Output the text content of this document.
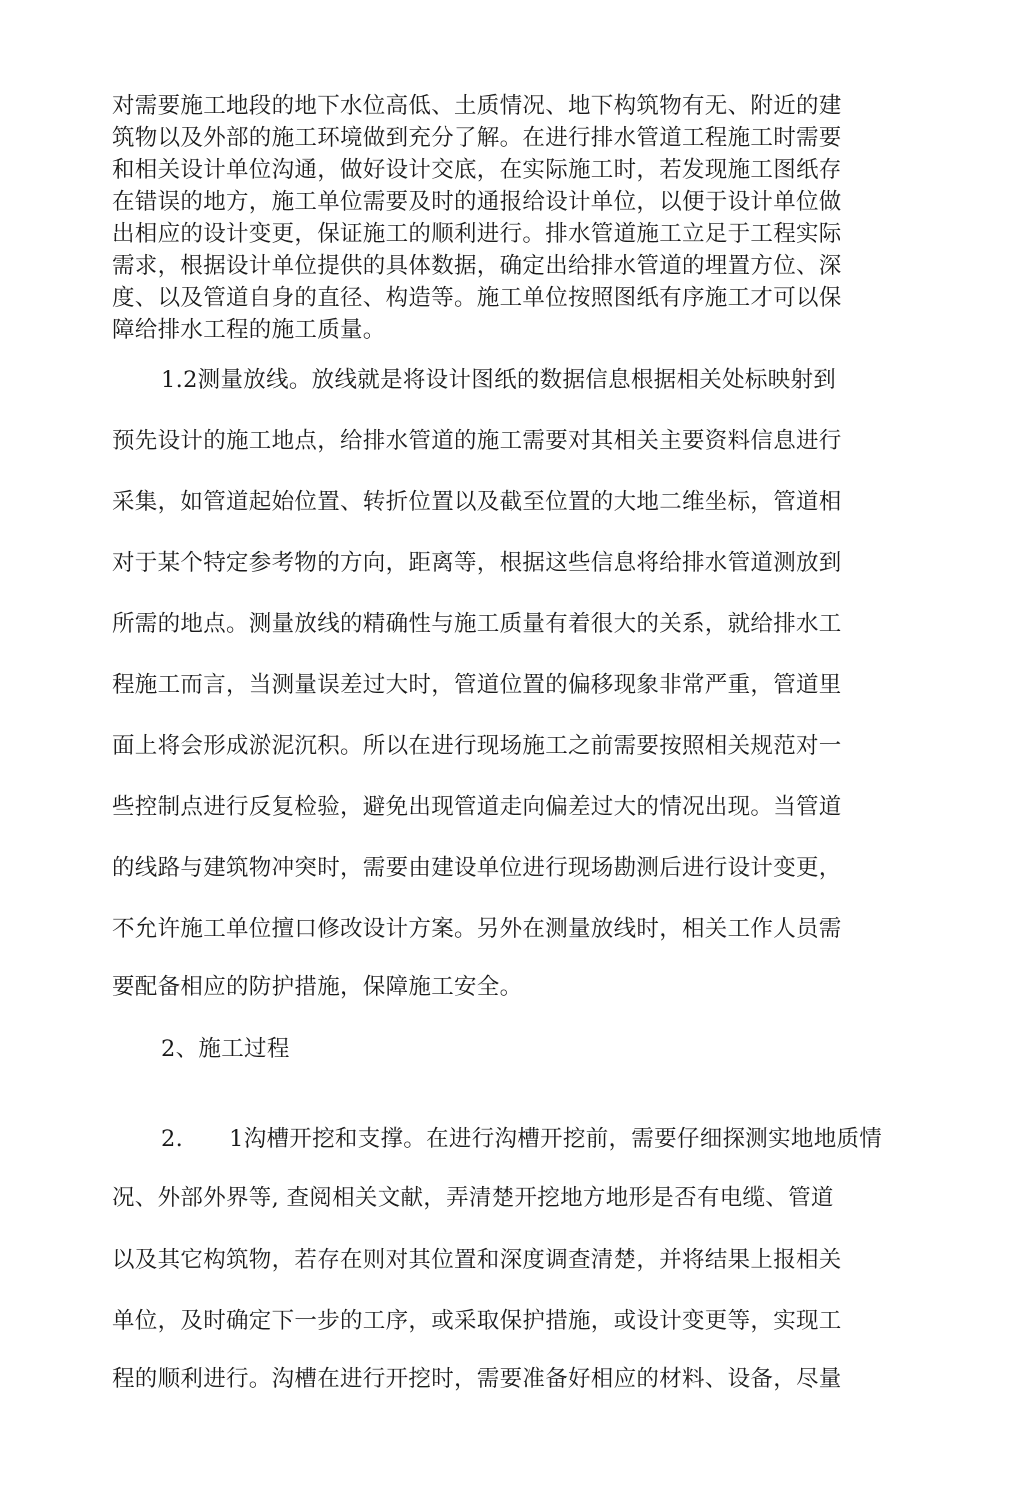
对需要施工地段的地下水位高低、土质情况、地下构筑物有无、附近的建
筑物以及外部的施工环境做到充分了解。在进行排水管道工程施工时需要
和相关设计单位沟通，做好设计交底，在实际施工时，若发现施工图纸存
在错误的地方，施工单位需要及时的通报给设计单位，以便于设计单位做
出相应的设计变更，保证施工的顺利进行。排水管道施工立足于工程实际
需求，根据设计单位提供的具体数据，确定出给排水管道的埋置方位、深
度、以及管道自身的直径、构造等。施工单位按照图纸有序施工才可以保
障给排水工程的施工质量。
1.2测量放线。放线就是将设计图纸的数据信息根据相关处标映射到
预先设计的施工地点，给排水管道的施工需要对其相关主要资料信息进行
采集，如管道起始位置、转折位置以及截至位置的大地二维坐标，管道相
对于某个特定参考物的方向，距离等，根据这些信息将给排水管道测放到
所需的地点。测量放线的精确性与施工质量有着很大的关系，就给排水工
程施工而言，当测量误差过大时，管道位置的偏移现象非常严重，管道里
面上将会形成淤泥沉积。所以在进行现场施工之前需要按照相关规范对一
些控制点进行反复检验，避免出现管道走向偏差过大的情况出现。当管道
的线路与建筑物冲突时，需要由建设单位进行现场勘测后进行设计变更，
不允许施工单位擅口修改设计方案。另外在测量放线时，相关工作人员需
要配备相应的防护措施，保障施工安全。
2、施工过程
2. 1沟槽开挖和支撑。在进行沟槽开挖前，需要仔细探测实地地质情
况、外部外界等, 查阅相关文献，弄清楚开挖地方地形是否有电缆、管道
以及其它构筑物，若存在则对其位置和深度调查清楚，并将结果上报相关
单位，及时确定下一步的工序，或采取保护措施，或设计变更等，实现工
程的顺利进行。沟槽在进行开挖时，需要准备好相应的材料、设备，尽量
